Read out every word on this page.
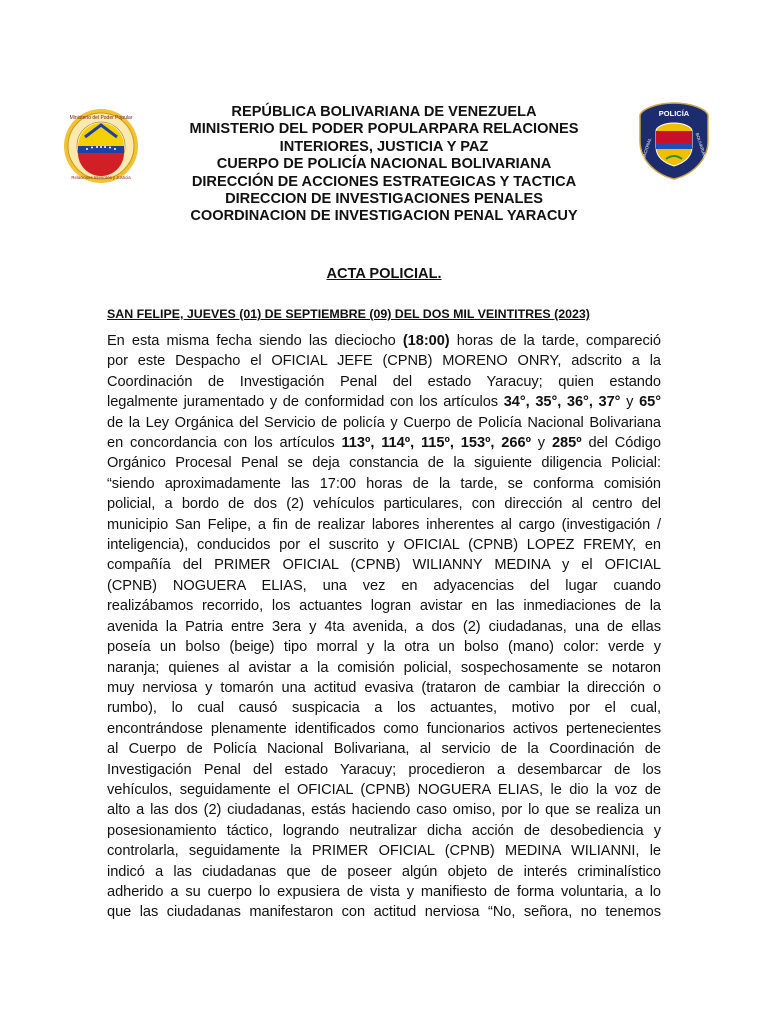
Ministerio del Poder Popular
Relaciones Interiores y Justicia
POLICÍA
NACIONAL	BOLIVARIANA
REPÚBLICA BOLIVARIANA DE VENEZUELA
MINISTERIO DEL PODER POPULARPARA RELACIONES
INTERIORES, JUSTICIA Y PAZ
CUERPO DE POLICÍA NACIONAL BOLIVARIANA
DIRECCIÓN DE ACCIONES ESTRATEGICAS Y TACTICA
DIRECCION DE INVESTIGACIONES PENALES
COORDINACION DE INVESTIGACION PENAL YARACUY
ACTA POLICIAL.
SAN FELIPE, JUEVES (01) DE SEPTIEMBRE (09) DEL DOS MIL VEINTITRES (2023)
En esta misma fecha siendo las dieciocho (18:00) horas de la tarde, compareció
por este Despacho el OFICIAL JEFE (CPNB) MORENO ONRY, adscrito a la
Coordinación de Investigación Penal del estado Yaracuy; quien estando
legalmente juramentado y de conformidad con los artículos 34°, 35°, 36°, 37° y 65°
de la Ley Orgánica del Servicio de policía y Cuerpo de Policía Nacional Bolivariana
en concordancia con los artículos 113º, 114º, 115º, 153º, 266º y 285º del Código
Orgánico Procesal Penal se deja constancia de la siguiente diligencia Policial:
“siendo aproximadamente las 17:00 horas de la tarde, se conforma comisión
policial, a bordo de dos (2) vehículos particulares, con dirección al centro del
municipio San Felipe, a fin de realizar labores inherentes al cargo (investigación /
inteligencia), conducidos por el suscrito y OFICIAL (CPNB) LOPEZ FREMY, en
compañía del PRIMER OFICIAL (CPNB) WILIANNY MEDINA y el OFICIAL
(CPNB) NOGUERA ELIAS, una vez en adyacencias del lugar cuando
realizábamos recorrido, los actuantes logran avistar en las inmediaciones de la
avenida la Patria entre 3era y 4ta avenida, a dos (2) ciudadanas, una de ellas
poseía un bolso (beige) tipo morral y la otra un bolso (mano) color: verde y
naranja; quienes al avistar a la comisión policial, sospechosamente se notaron
muy nerviosa y tomarón una actitud evasiva (trataron de cambiar la dirección o
rumbo), lo cual causó suspicacia a los actuantes, motivo por el cual,
encontrándose plenamente identificados como funcionarios activos pertenecientes
al Cuerpo de Policía Nacional Bolivariana, al servicio de la Coordinación de
Investigación Penal del estado Yaracuy; procedieron a desembarcar de los
vehículos, seguidamente el OFICIAL (CPNB) NOGUERA ELIAS, le dio la voz de
alto a las dos (2) ciudadanas, estás haciendo caso omiso, por lo que se realiza un
posesionamiento táctico, logrando neutralizar dicha acción de desobediencia y
controlarla, seguidamente la PRIMER OFICIAL (CPNB) MEDINA WILIANNI, le
indicó a las ciudadanas que de poseer algún objeto de interés criminalístico
adherido a su cuerpo lo expusiera de vista y manifiesto de forma voluntaria, a lo
que las ciudadanas manifestaron con actitud nerviosa “No, señora, no tenemos
